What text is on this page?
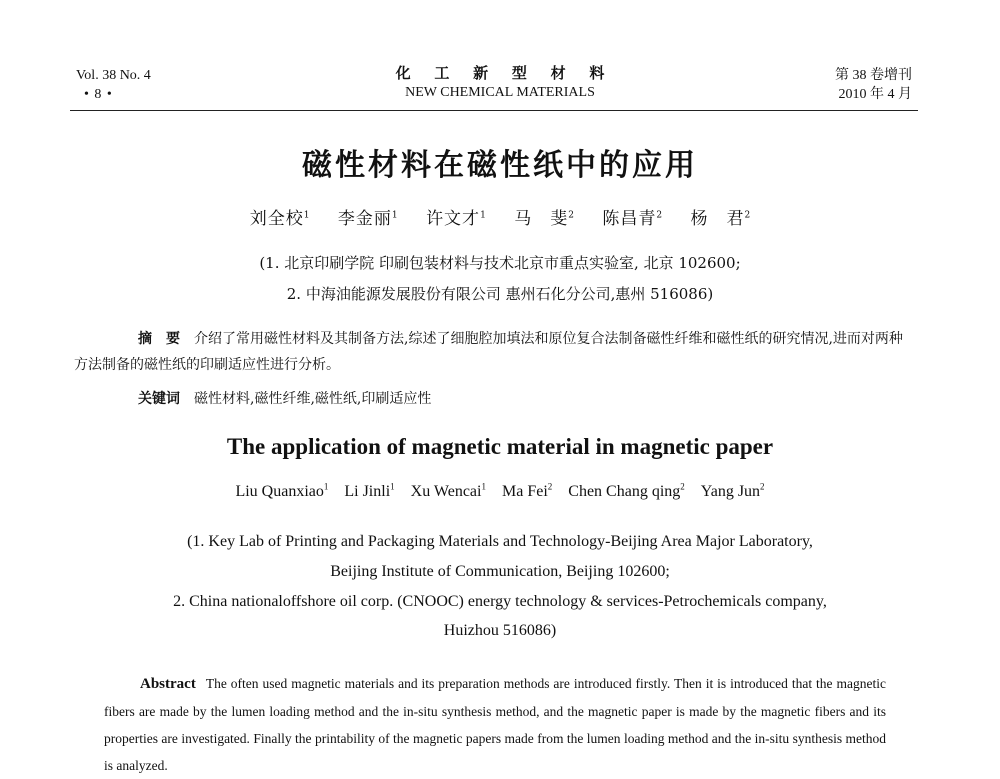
Vol. 38 No. 4
• 8 •
化 工 新 型 材 料
NEW CHEMICAL MATERIALS
第 38 卷增刊
2010 年 4 月
磁性材料在磁性纸中的应用
刘全校$^1$ 李金丽$^1$ 许文才$^1$ 马　斐$^2$ 陈昌青$^2$ 杨　君$^2$
(1. 北京印刷学院 印刷包装材料与技术北京市重点实验室, 北京 102600;
2. 中海油能源发展股份有限公司 惠州石化分公司,惠州 516086)
摘　要 介绍了常用磁性材料及其制备方法,综述了细胞腔加填法和原位复合法制备磁性纤维和磁性纸的研究情况,进而对两种方法制备的磁性纸的印刷适应性进行分析。
关键词 磁性材料,磁性纤维,磁性纸,印刷适应性
The application of magnetic material in magnetic paper
Liu Quanxiao$^1$ Li Jinli$^1$ Xu Wencai$^1$ Ma Fei$^2$ Chen Chang qing$^2$ Yang Jun$^2$
(1. Key Lab of Printing and Packaging Materials and Technology-Beijing Area Major Laboratory,
Beijing Institute of Communication, Beijing 102600;
2. China nationaloffshore oil corp. (CNOOC) energy technology & services-Petrochemicals company,
Huizhou 516086)
Abstract The often used magnetic materials and its preparation methods are introduced firstly. Then it is introduced that the magnetic fibers are made by the lumen loading method and the in-situ synthesis method, and the magnetic paper is made by the magnetic fibers and its properties are investigated. Finally the printability of the magnetic papers made from the lumen loading method and the in-situ synthesis method is analyzed.
